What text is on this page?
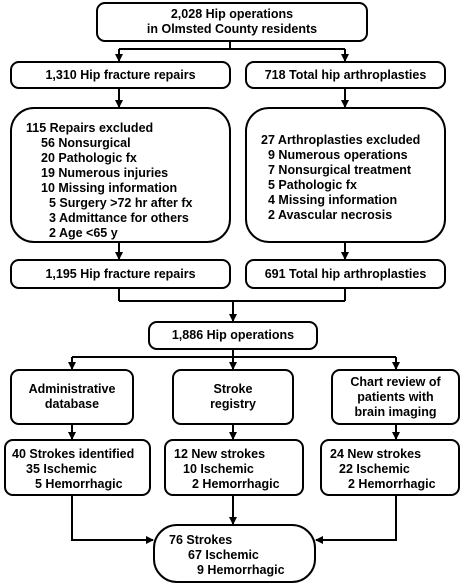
2,028 Hip operations
in Olmsted County residents
1,310 Hip fracture repairs	718 Total hip arthroplasties
115 Repairs excluded
56 Nonsurgical
20 Pathologic fx
19 Numerous injuries
10 Missing information
5 Surgery >72 hr after fx
3 Admittance for others
2 Age <65 y
27 Arthroplasties excluded
9 Numerous operations
7 Nonsurgical treatment
5 Pathologic fx
4 Missing information
2 Avascular necrosis
1,195 Hip fracture repairs	691 Total hip arthroplasties
1,886 Hip operations
Administrative
database
Stroke
registry
Chart review of
patients with
brain imaging
40 Strokes identified
35 Ischemic
5 Hemorrhagic
12 New strokes
10 Ischemic
2 Hemorrhagic
24 New strokes
22 Ischemic
2 Hemorrhagic
76 Strokes
67 Ischemic
9 Hemorrhagic
